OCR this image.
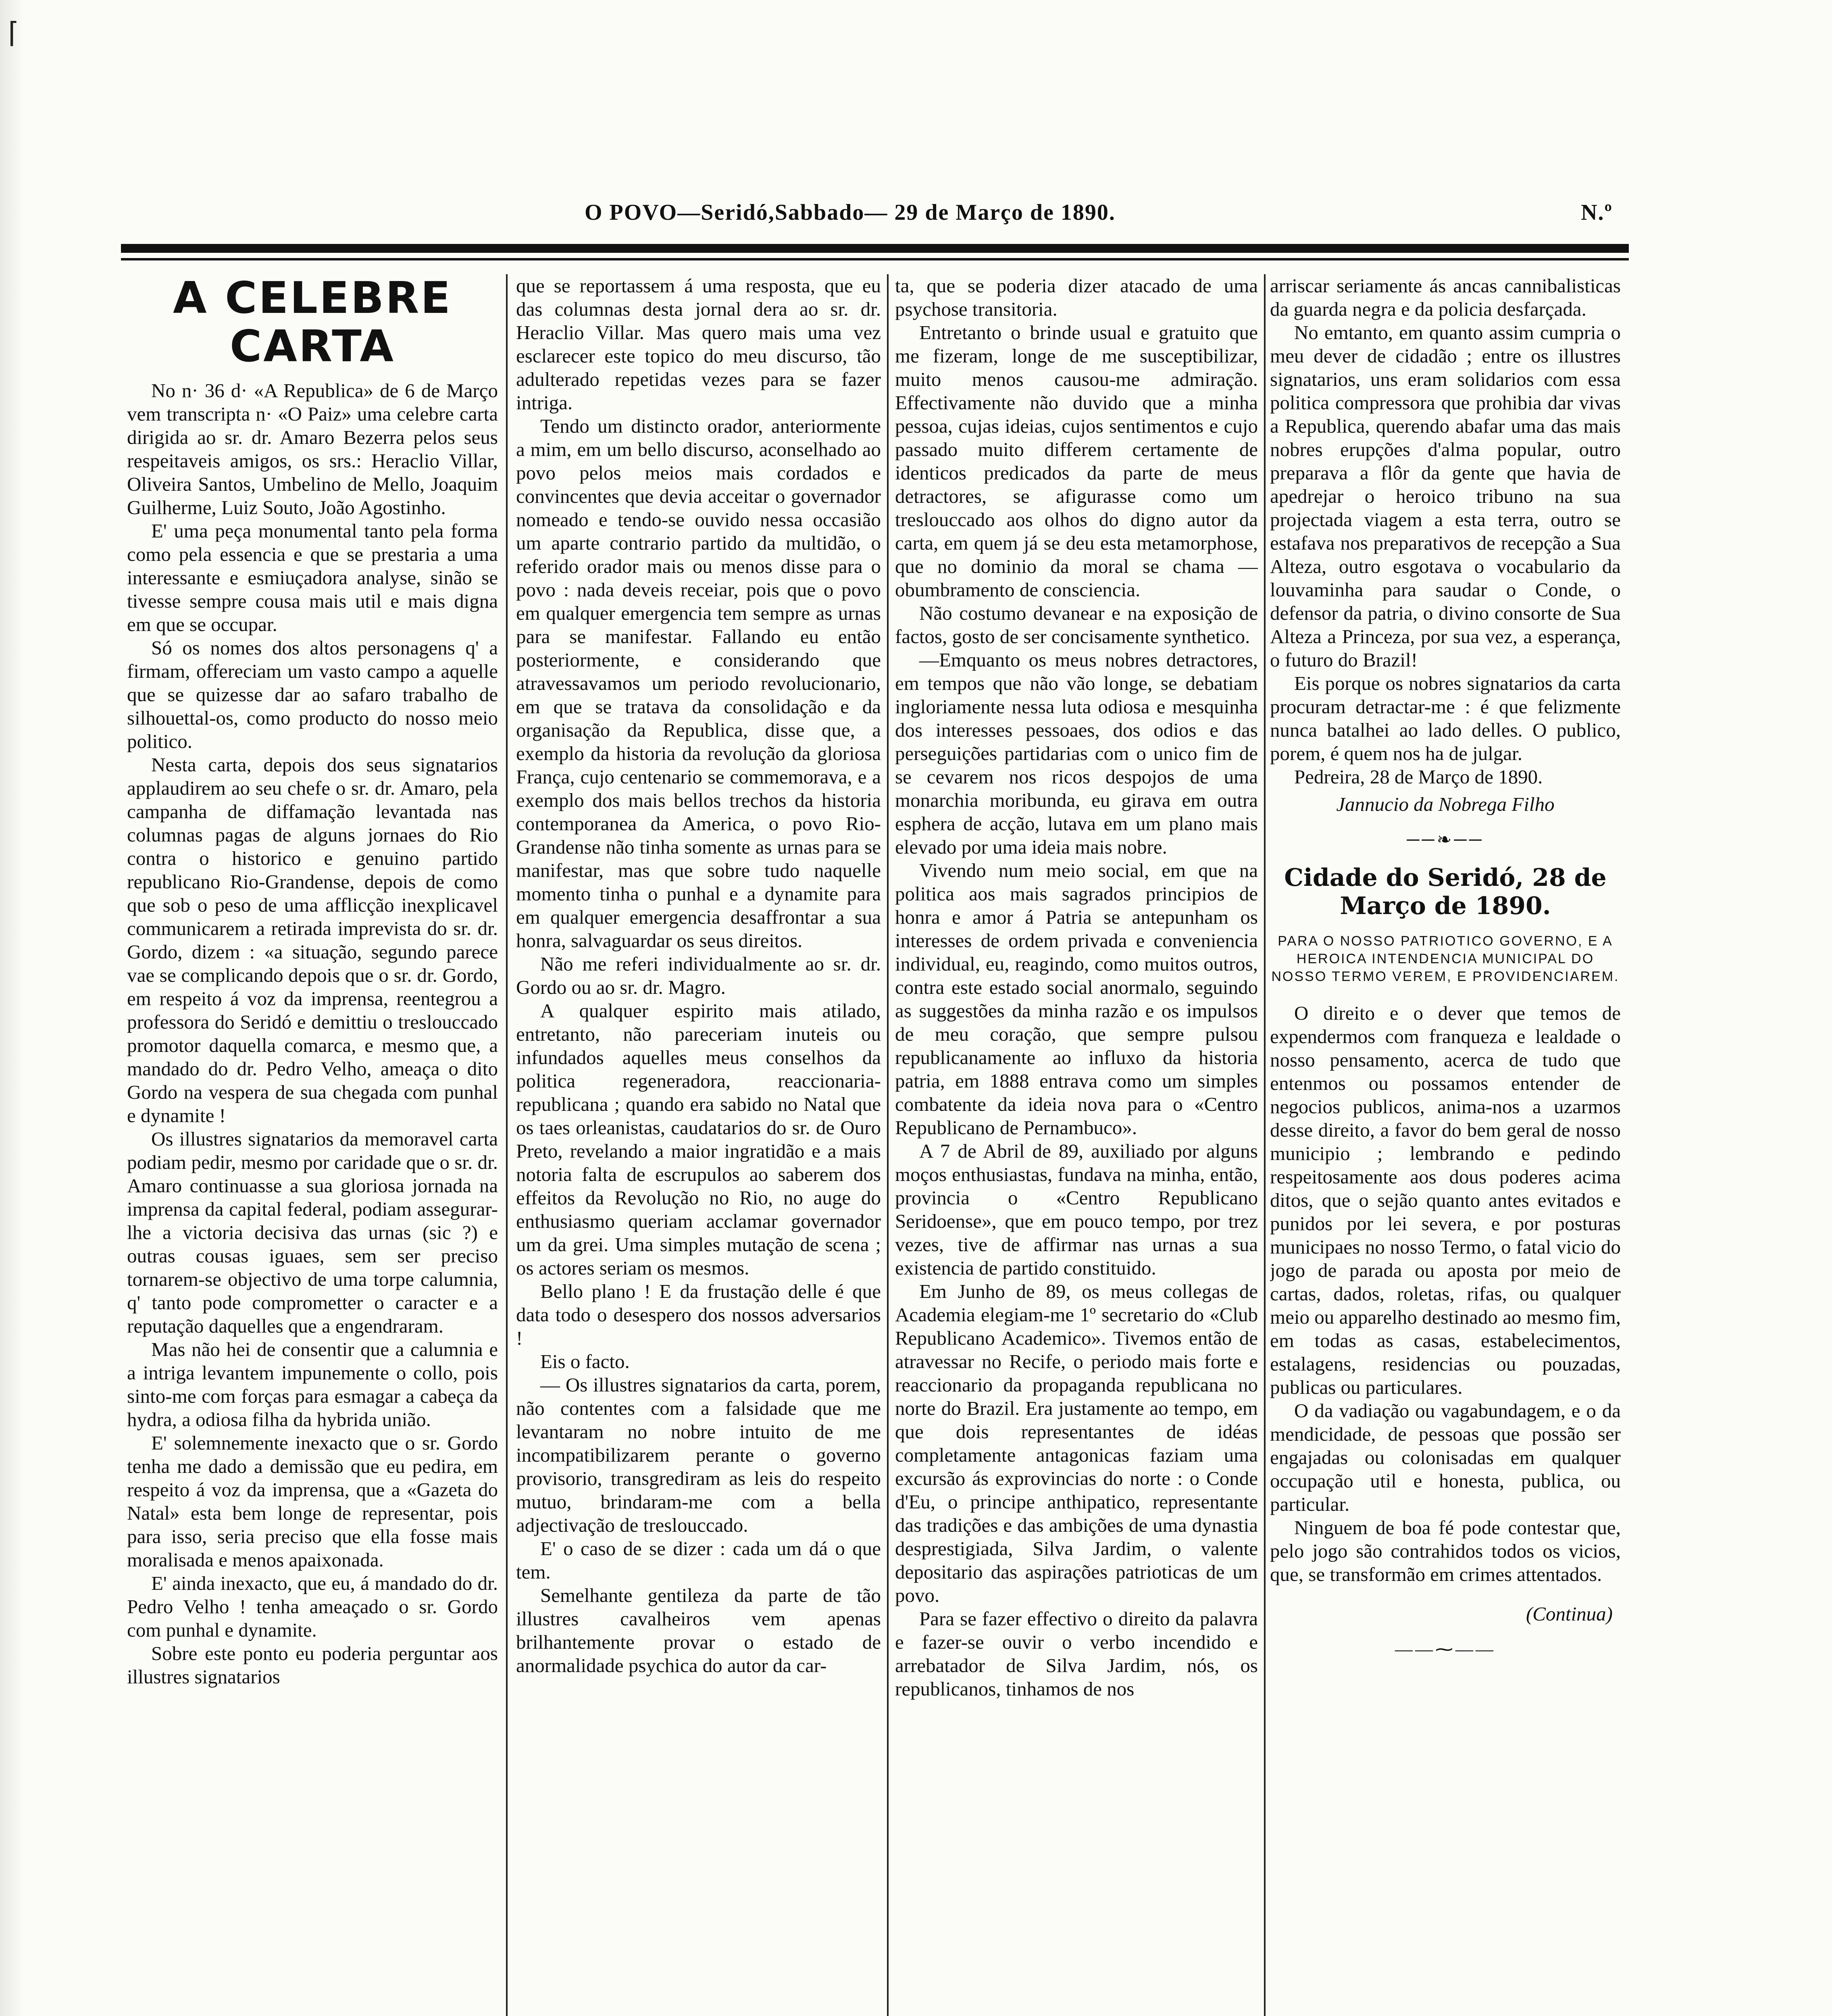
⌈
O POVO—Seridó,Sabbado— 29 de Março de 1890.	N.º
A CELEBRE CARTA

No n· 36 d· «A Republica» de 6 de Março vem transcripta n· «O Paiz» uma celebre carta dirigida ao sr. dr. Amaro Bezerra pelos seus respeitaveis amigos, os srs.: Heraclio Villar, Oliveira Santos, Umbelino de Mello, Joaquim Guilherme, Luiz Souto, João Agostinho.

E' uma peça monumental tanto pela forma como pela essencia e que se prestaria a uma interessante e esmiuçadora analyse, sinão se tivesse sempre cousa mais util e mais digna em que se occupar.

Só os nomes dos altos personagens q' a firmam, offereciam um vasto campo a aquelle que se quizesse dar ao safaro trabalho de silhouettal-os, como producto do nosso meio politico.

Nesta carta, depois dos seus signatarios applaudirem ao seu chefe o sr. dr. Amaro, pela campanha de diffamação levantada nas columnas pagas de alguns jornaes do Rio contra o historico e genuino partido republicano Rio-Grandense, depois de como que sob o peso de uma afflicção inexplicavel communicarem a retirada imprevista do sr. dr. Gordo, dizem : «a situação, segundo parece vae se complicando depois que o sr. dr. Gordo, em respeito á voz da imprensa, reentegrou a professora do Seridó e demittiu o treslouccado promotor daquella comarca, e mesmo que, a mandado do dr. Pedro Velho, ameaça o dito Gordo na vespera de sua chegada com punhal e dynamite !

Os illustres signatarios da memoravel carta podiam pedir, mesmo por caridade que o sr. dr. Amaro continuasse a sua gloriosa jornada na imprensa da capital federal, podiam assegurar-lhe a victoria decisiva das urnas (sic ?) e outras cousas iguaes, sem ser preciso tornarem-se objectivo de uma torpe calumnia, q' tanto pode comprometter o caracter e a reputação daquelles que a engendraram.

Mas não hei de consentir que a calumnia e a intriga levantem impunemente o collo, pois sinto-me com forças para esmagar a cabeça da hydra, a odiosa filha da hybrida união.

E' solemnemente inexacto que o sr. Gordo tenha me dado a demissão que eu pedira, em respeito á voz da imprensa, que a «Gazeta do Natal» esta bem longe de representar, pois para isso, seria preciso que ella fosse mais moralisada e menos apaixonada.

E' ainda inexacto, que eu, á mandado do dr. Pedro Velho ! tenha ameaçado o sr. Gordo com punhal e dynamite.

Sobre este ponto eu poderia perguntar aos illustres signatarios

que se reportassem á uma resposta, que eu das columnas desta jornal dera ao sr. dr. Heraclio Villar. Mas quero mais uma vez esclarecer este topico do meu discurso, tão adulterado repetidas vezes para se fazer intriga.

Tendo um distincto orador, anteriormente a mim, em um bello discurso, aconselhado ao povo pelos meios mais cordados e convincentes que devia acceitar o governador nomeado e tendo-se ouvido nessa occasião um aparte contrario partido da multidão, o referido orador mais ou menos disse para o povo : nada deveis receiar, pois que o povo em qualquer emergencia tem sempre as urnas para se manifestar. Fallando eu então posteriormente, e considerando que atravessavamos um periodo revolucionario, em que se tratava da consolidação e da organisação da Republica, disse que, a exemplo da historia da revolução da gloriosa França, cujo centenario se commemorava, e a exemplo dos mais bellos trechos da historia contemporanea da America, o povo Rio-Grandense não tinha somente as urnas para se manifestar, mas que sobre tudo naquelle momento tinha o punhal e a dynamite para em qualquer emergencia desaffrontar a sua honra, salvaguardar os seus direitos.

Não me referi individualmente ao sr. dr. Gordo ou ao sr. dr. Magro.

A qualquer espirito mais atilado, entretanto, não pareceriam inuteis ou infundados aquelles meus conselhos da politica regeneradora, reaccionaria-republicana ; quando era sabido no Natal que os taes orleanistas, caudatarios do sr. de Ouro Preto, revelando a maior ingratidão e a mais notoria falta de escrupulos ao saberem dos effeitos da Revolução no Rio, no auge do enthusiasmo queriam acclamar governador um da grei. Uma simples mutação de scena ; os actores seriam os mesmos.

Bello plano ! E da frustação delle é que data todo o desespero dos nossos adversarios !

Eis o facto.

— Os illustres signatarios da carta, porem, não contentes com a falsidade que me levantaram no nobre intuito de me incompatibilizarem perante o governo provisorio, transgrediram as leis do respeito mutuo, brindaram-me com a bella adjectivação de treslouccado.

E' o caso de se dizer : cada um dá o que tem.

Semelhante gentileza da parte de tão illustres cavalheiros vem apenas brilhantemente provar o estado de anormalidade psychica do autor da car-

ta, que se poderia dizer atacado de uma psychose transitoria.

Entretanto o brinde usual e gratuito que me fizeram, longe de me susceptibilizar, muito menos causou-me admiração. Effectivamente não duvido que a minha pessoa, cujas ideias, cujos sentimentos e cujo passado muito differem certamente de identicos predicados da parte de meus detractores, se afigurasse como um treslouccado aos olhos do digno autor da carta, em quem já se deu esta metamorphose, que no dominio da moral se chama —obumbramento de consciencia.

Não costumo devanear e na exposição de factos, gosto de ser concisamente synthetico.

—Emquanto os meus nobres detractores, em tempos que não vão longe, se debatiam ingloriamente nessa luta odiosa e mesquinha dos interesses pessoaes, dos odios e das perseguições partidarias com o unico fim de se cevarem nos ricos despojos de uma monarchia moribunda, eu girava em outra esphera de acção, lutava em um plano mais elevado por uma ideia mais nobre.

Vivendo num meio social, em que na politica aos mais sagrados principios de honra e amor á Patria se antepunham os interesses de ordem privada e conveniencia individual, eu, reagindo, como muitos outros, contra este estado social anormalo, seguindo as suggestões da minha razão e os impulsos de meu coração, que sempre pulsou republicanamente ao influxo da historia patria, em 1888 entrava como um simples combatente da ideia nova para o «Centro Republicano de Pernambuco».

A 7 de Abril de 89, auxiliado por alguns moços enthusiastas, fundava na minha, então, provincia o «Centro Republicano Seridoense», que em pouco tempo, por trez vezes, tive de affirmar nas urnas a sua existencia de partido constituido.

Em Junho de 89, os meus collegas de Academia elegiam-me 1º secretario do «Club Republicano Academico». Tivemos então de atravessar no Recife, o periodo mais forte e reaccionario da propaganda republicana no norte do Brazil. Era justamente ao tempo, em que dois representantes de idéas completamente antagonicas faziam uma excursão ás exprovincias do norte : o Conde d'Eu, o principe anthipatico, representante das tradições e das ambições de uma dynastia desprestigiada, Silva Jardim, o valente depositario das aspirações patrioticas de um povo.

Para se fazer effectivo o direito da palavra e fazer-se ouvir o verbo incendido e arrebatador de Silva Jardim, nós, os republicanos, tinhamos de nos

arriscar seriamente ás ancas cannibalisticas da guarda negra e da policia desfarçada.

No emtanto, em quanto assim cumpria o meu dever de cidadão ; entre os illustres signatarios, uns eram solidarios com essa politica compressora que prohibia dar vivas a Republica, querendo abafar uma das mais nobres erupções d'alma popular, outro preparava a flôr da gente que havia de apedrejar o heroico tribuno na sua projectada viagem a esta terra, outro se estafava nos preparativos de recepção a Sua Alteza, outro esgotava o vocabulario da louvaminha para saudar o Conde, o defensor da patria, o divino consorte de Sua Alteza a Princeza, por sua vez, a esperança, o futuro do Brazil!

Eis porque os nobres signatarios da carta procuram detractar-me : é que felizmente nunca batalhei ao lado delles. O publico, porem, é quem nos ha de julgar.

Pedreira, 28 de Março de 1890.

Jannucio da Nobrega Filho
──❧──
Cidade do Seridó, 28 de Março de 1890.
PARA O NOSSO PATRIOTICO GOVERNO, E A HEROICA INTENDENCIA MUNICIPAL DO NOSSO TERMO VEREM, E PROVIDENCIAREM.

O direito e o dever que temos de expendermos com franqueza e lealdade o nosso pensamento, acerca de tudo que entenmos ou possamos entender de negocios publicos, anima-nos a uzarmos desse direito, a favor do bem geral de nosso municipio ; lembrando e pedindo respeitosamente aos dous poderes acima ditos, que o sejão quanto antes evitados e punidos por lei severa, e por posturas municipaes no nosso Termo, o fatal vicio do jogo de parada ou aposta por meio de cartas, dados, roletas, rifas, ou qualquer meio ou apparelho destinado ao mesmo fim, em todas as casas, estabelecimentos, estalagens, residencias ou pouzadas, publicas ou particulares.

O da vadiação ou vagabundagem, e o da mendicidade, de pessoas que possão ser engajadas ou colonisadas em qualquer occupação util e honesta, publica, ou particular.

Ninguem de boa fé pode contestar que, pelo jogo são contrahidos todos os vicios, que, se transformão em crimes attentados.

(Continua)
——⁓——
